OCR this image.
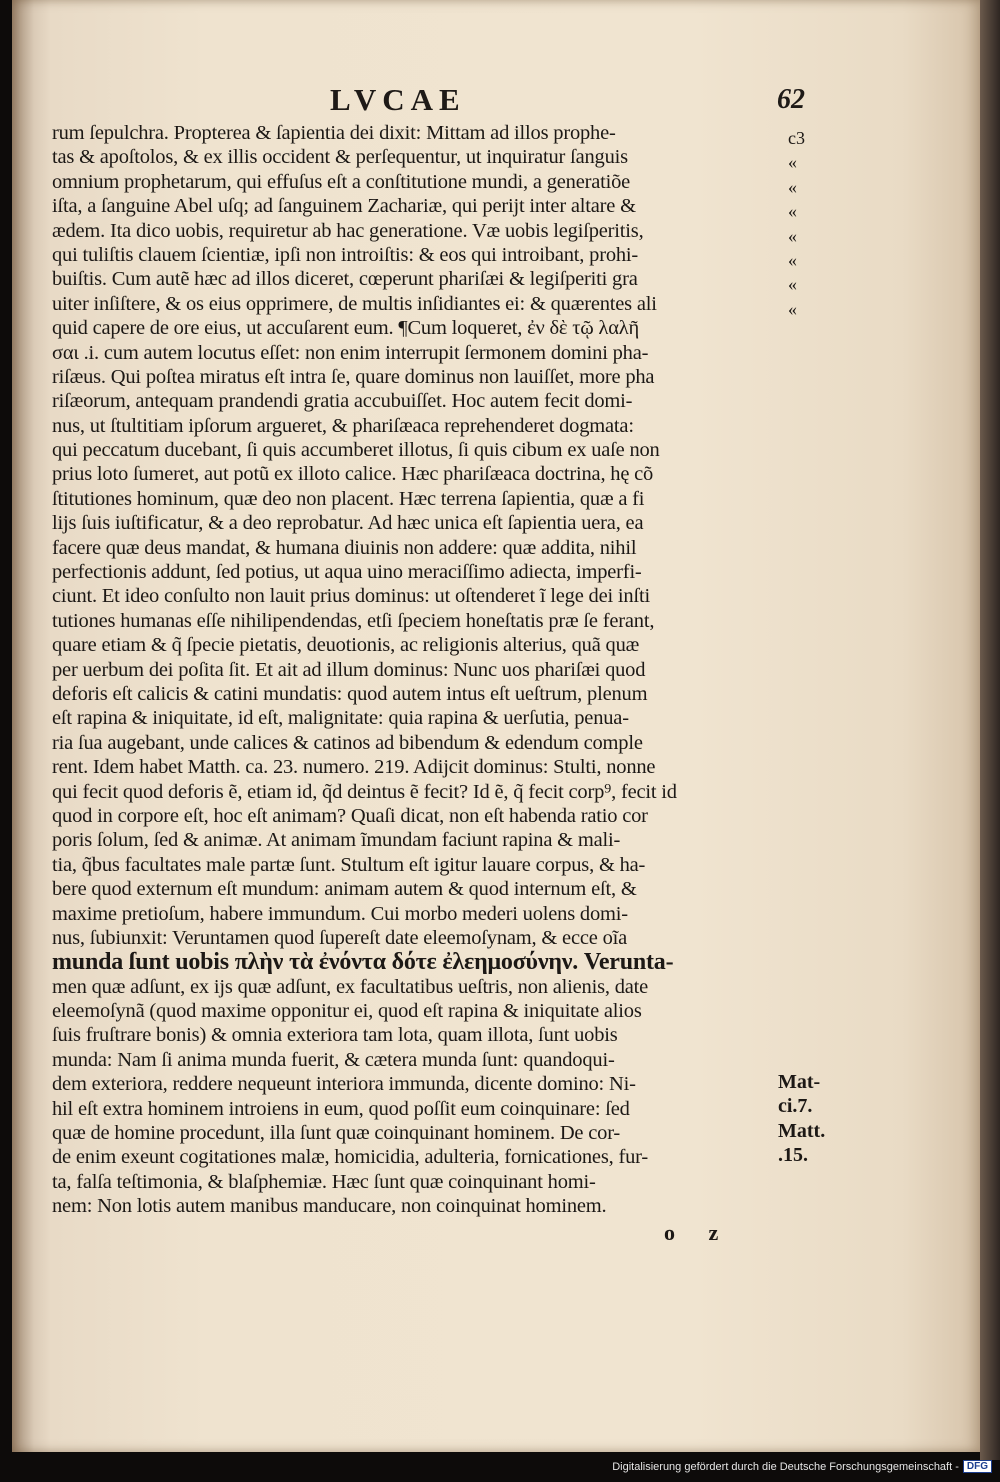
LVCAE	62
rum ſepulchra. Propterea & ſapientia dei dixit: Mittam ad illos prophe-
tas & apoſtolos, & ex illis occident & perſequentur, ut inquiratur ſanguis
omnium prophetarum, qui effuſus eſt a conſtitutione mundi, a generatiõe
iſta, a ſanguine Abel uſq; ad ſanguinem Zachariæ, qui perijt inter altare &
ædem. Ita dico uobis, requiretur ab hac generatione. Væ uobis legiſperitis,
qui tuliſtis clauem ſcientiæ, ipſi non introiſtis: & eos qui introibant, prohi-
buiſtis. Cum autẽ hæc ad illos diceret, cœperunt phariſæi & legiſperiti gra
uiter inſiſtere, & os eius opprimere, de multis inſidiantes ei: & quærentes ali
quid capere de ore eius, ut accuſarent eum. ¶Cum loqueret, ἐν δὲ τῷ λαλῆ
σαι .i. cum autem locutus eſſet: non enim interrupit ſermonem domini pha-
riſæus. Qui poſtea miratus eſt intra ſe, quare dominus non lauiſſet, more pha
riſæorum, antequam prandendi gratia accubuiſſet. Hoc autem fecit domi-
nus, ut ſtultitiam ipſorum argueret, & phariſæaca reprehenderet dogmata:
qui peccatum ducebant, ſi quis accumberet illotus, ſi quis cibum ex uaſe non
prius loto ſumeret, aut potũ ex illoto calice. Hæc phariſæaca doctrina, hę cõ
ſtitutiones hominum, quæ deo non placent. Hæc terrena ſapientia, quæ a fi
lijs ſuis iuſtificatur, & a deo reprobatur. Ad hæc unica eſt ſapientia uera, ea
facere quæ deus mandat, & humana diuinis non addere: quæ addita, nihil
perfectionis addunt, ſed potius, ut aqua uino meraciſſimo adiecta, imperfi-
ciunt. Et ideo conſulto non lauit prius dominus: ut oſtenderet ĩ lege dei inſti
tutiones humanas eſſe nihilipendendas, etſi ſpeciem honeſtatis præ ſe ferant,
quare etiam & q̃ ſpecie pietatis, deuotionis, ac religionis alterius, quã quæ
per uerbum dei poſita ſit. Et ait ad illum dominus: Nunc uos phariſæi quod
deforis eſt calicis & catini mundatis: quod autem intus eſt ueſtrum, plenum
eſt rapina & iniquitate, id eſt, malignitate: quia rapina & uerſutia, penua-
ria ſua augebant, unde calices & catinos ad bibendum & edendum comple
rent. Idem habet Matth. ca. 23. numero. 219. Adijcit dominus: Stulti, nonne
qui fecit quod deforis ẽ, etiam id, q̃d deintus ẽ fecit? Id ẽ, q̃ fecit corp⁹, fecit id
quod in corpore eſt, hoc eſt animam? Quaſi dicat, non eſt habenda ratio cor
poris ſolum, ſed & animæ. At animam ĩmundam faciunt rapina & mali-
tia, q̃bus facultates male partæ ſunt. Stultum eſt igitur lauare corpus, & ha-
bere quod externum eſt mundum: animam autem & quod internum eſt, &
maxime pretioſum, habere immundum. Cui morbo mederi uolens domi-
nus, ſubiunxit: Veruntamen quod ſupereſt date eleemoſynam, & ecce oĩa
munda ſunt uobis πλὴν τὰ ἐνόντα δότε ἐλεημοσύνην. Verunta-
men quæ adſunt, ex ijs quæ adſunt, ex facultatibus ueſtris, non alienis, date
eleemoſynã (quod maxime opponitur ei, quod eſt rapina & iniquitate alios
ſuis fruſtrare bonis) & omnia exteriora tam lota, quam illota, ſunt uobis
munda: Nam ſi anima munda fuerit, & cætera munda ſunt: quandoqui-
dem exteriora, reddere nequeunt interiora immunda, dicente domino: Ni-
hil eſt extra hominem introiens in eum, quod poſſit eum coinquinare: ſed
quæ de homine procedunt, illa ſunt quæ coinquinant hominem. De cor-
de enim exeunt cogitationes malæ, homicidia, adulteria, fornicationes, fur-
ta, falſa teſtimonia, & blaſphemiæ. Hæc ſunt quæ coinquinant homi-
nem: Non lotis autem manibus manducare, non coinquinat hominem.
c3
«
«
«
«
«
«
«
Mat-
ci.7.
Matt.
.15.
o z
Digitalisierung gefördert durch die Deutsche Forschungsgemeinschaft - DFG
